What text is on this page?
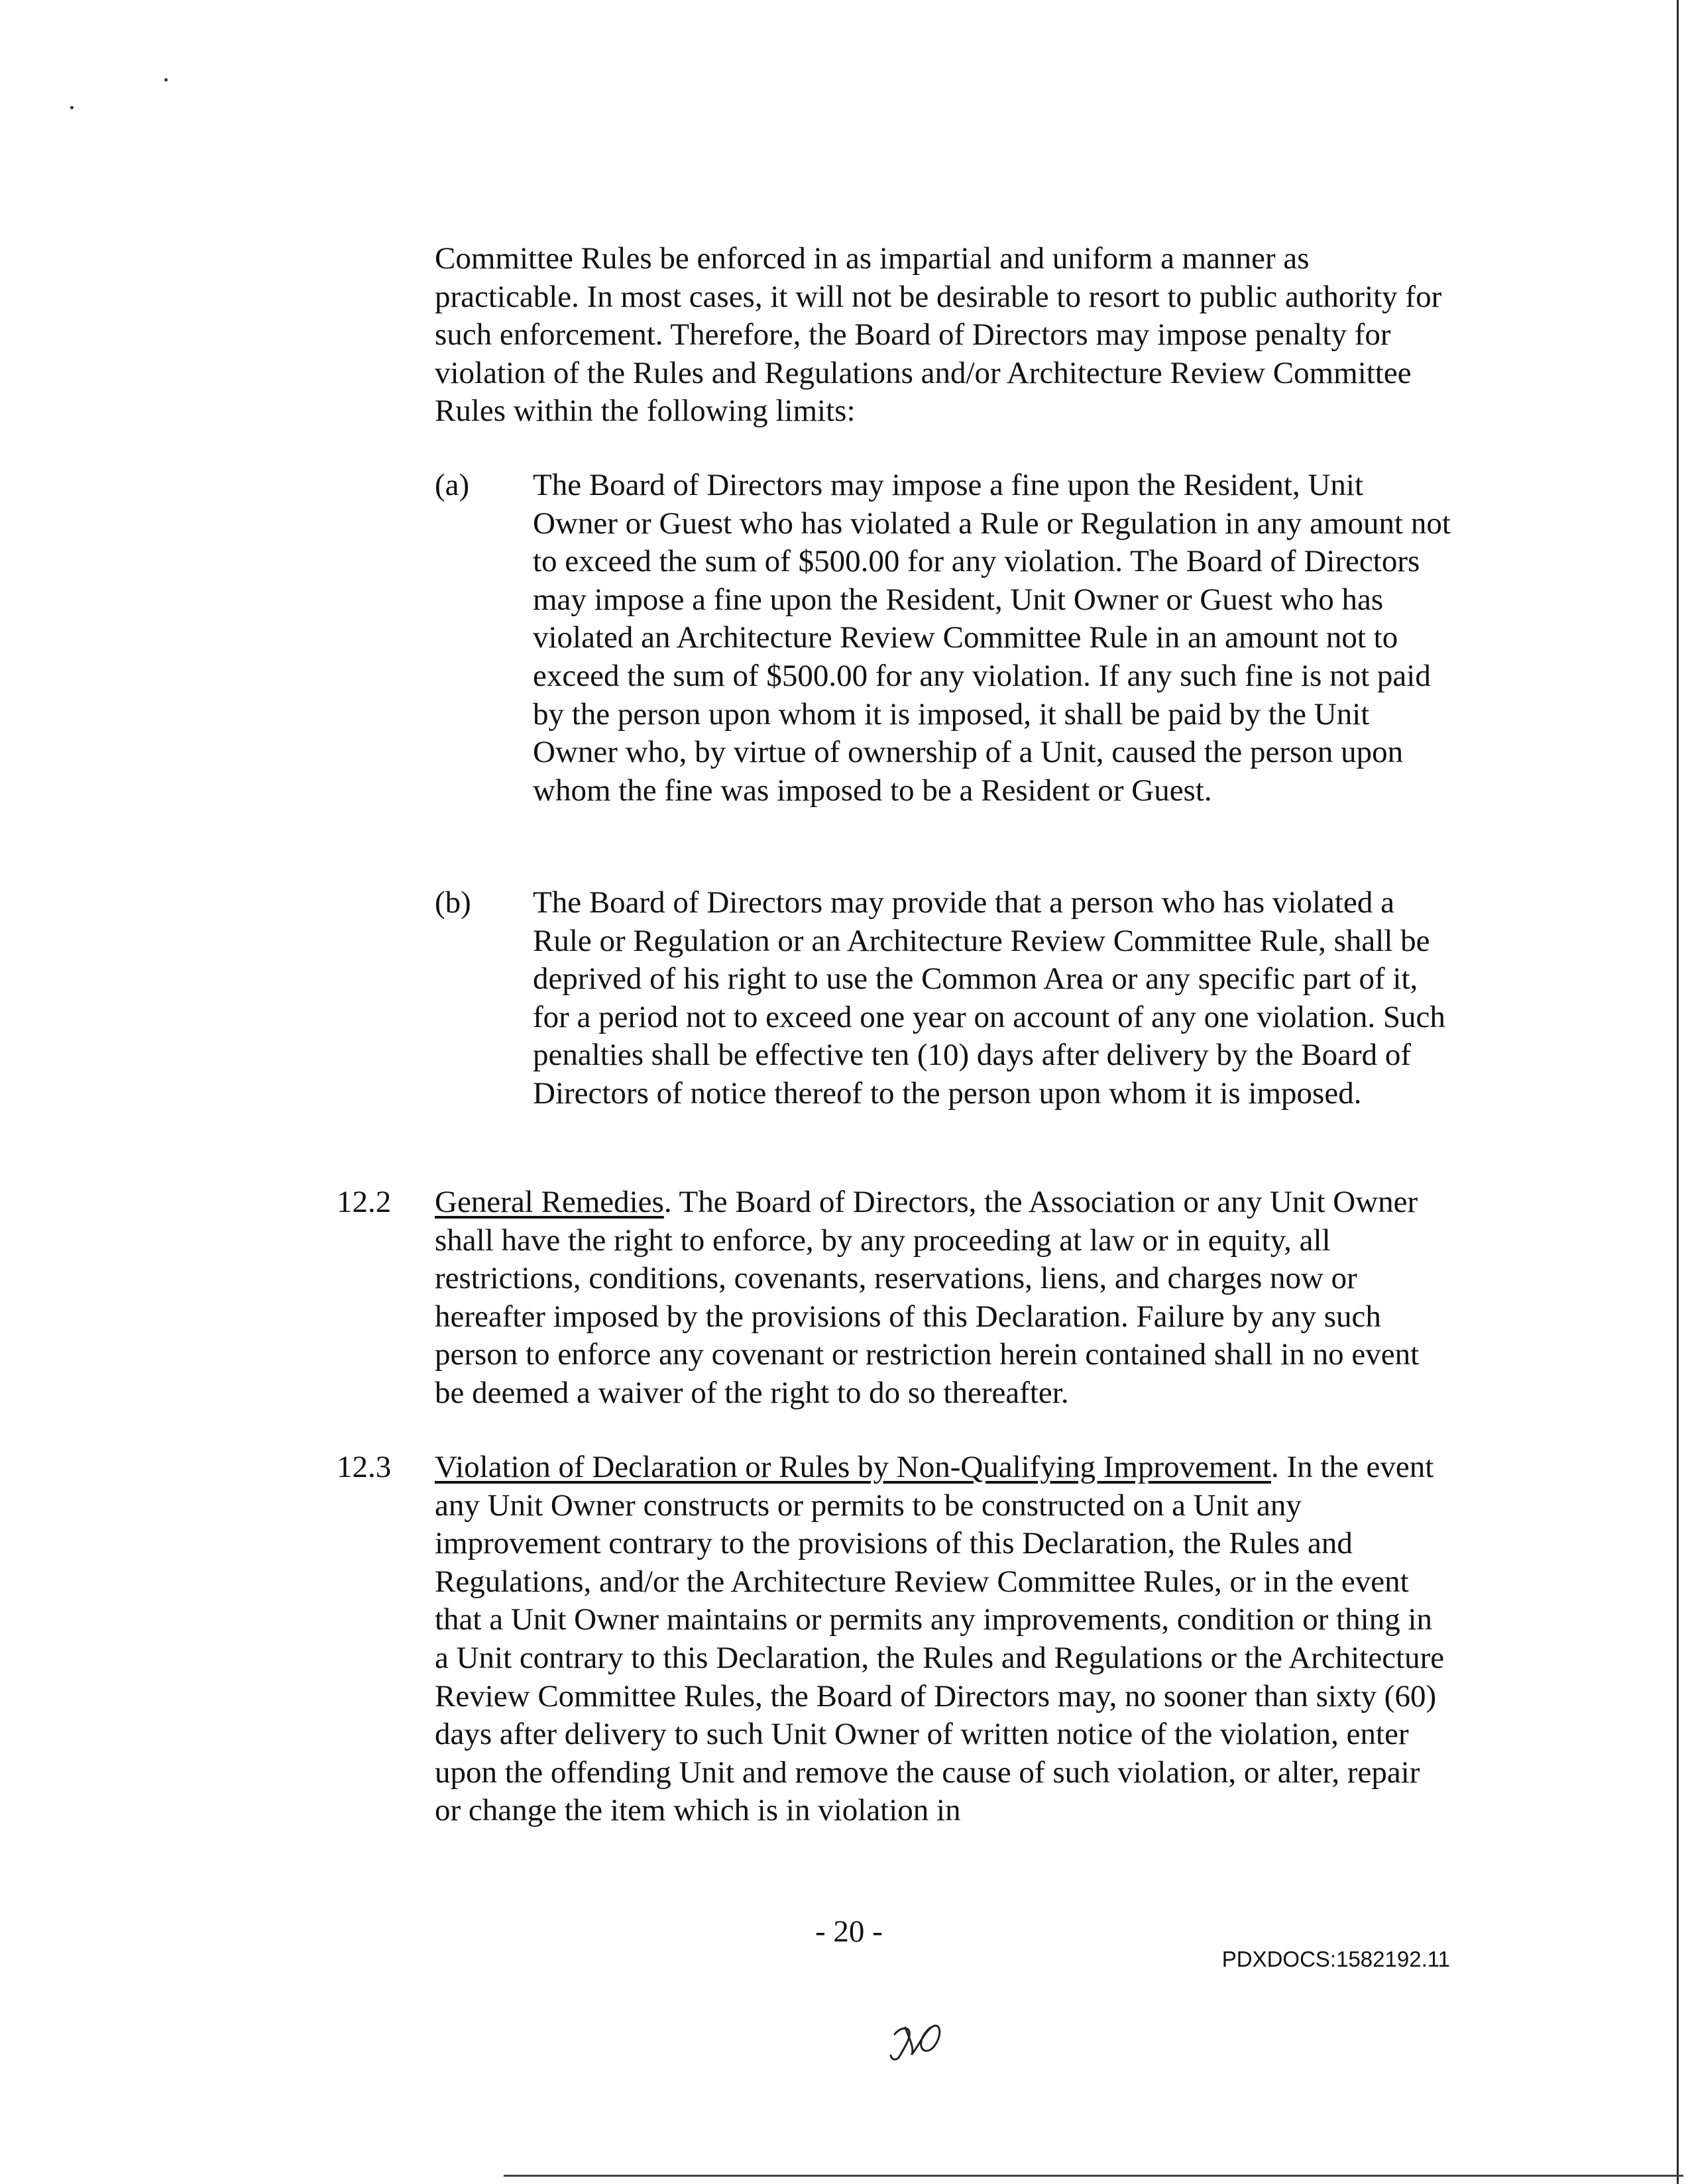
Committee Rules be enforced in as impartial and uniform a manner as practicable. In most cases, it will not be desirable to resort to public authority for such enforcement. Therefore, the Board of Directors may impose penalty for violation of the Rules and Regulations and/or Architecture Review Committee Rules within the following limits:

(a) The Board of Directors may impose a fine upon the Resident, Unit Owner or Guest who has violated a Rule or Regulation in any amount not to exceed the sum of $500.00 for any violation. The Board of Directors may impose a fine upon the Resident, Unit Owner or Guest who has violated an Architecture Review Committee Rule in an amount not to exceed the sum of $500.00 for any violation. If any such fine is not paid by the person upon whom it is imposed, it shall be paid by the Unit Owner who, by virtue of ownership of a Unit, caused the person upon whom the fine was imposed to be a Resident or Guest.

(b) The Board of Directors may provide that a person who has violated a Rule or Regulation or an Architecture Review Committee Rule, shall be deprived of his right to use the Common Area or any specific part of it, for a period not to exceed one year on account of any one violation. Such penalties shall be effective ten (10) days after delivery by the Board of Directors of notice thereof to the person upon whom it is imposed.

12.2 General Remedies. The Board of Directors, the Association or any Unit Owner shall have the right to enforce, by any proceeding at law or in equity, all restrictions, conditions, covenants, reservations, liens, and charges now or hereafter imposed by the provisions of this Declaration. Failure by any such person to enforce any covenant or restriction herein contained shall in no event be deemed a waiver of the right to do so thereafter.

12.3 Violation of Declaration or Rules by Non-Qualifying Improvement. In the event any Unit Owner constructs or permits to be constructed on a Unit any improvement contrary to the provisions of this Declaration, the Rules and Regulations, and/or the Architecture Review Committee Rules, or in the event that a Unit Owner maintains or permits any improvements, condition or thing in a Unit contrary to this Declaration, the Rules and Regulations or the Architecture Review Committee Rules, the Board of Directors may, no sooner than sixty (60) days after delivery to such Unit Owner of written notice of the violation, enter upon the offending Unit and remove the cause of such violation, or alter, repair or change the item which is in violation in

- 20 -
PDXDOCS:1582192.11
